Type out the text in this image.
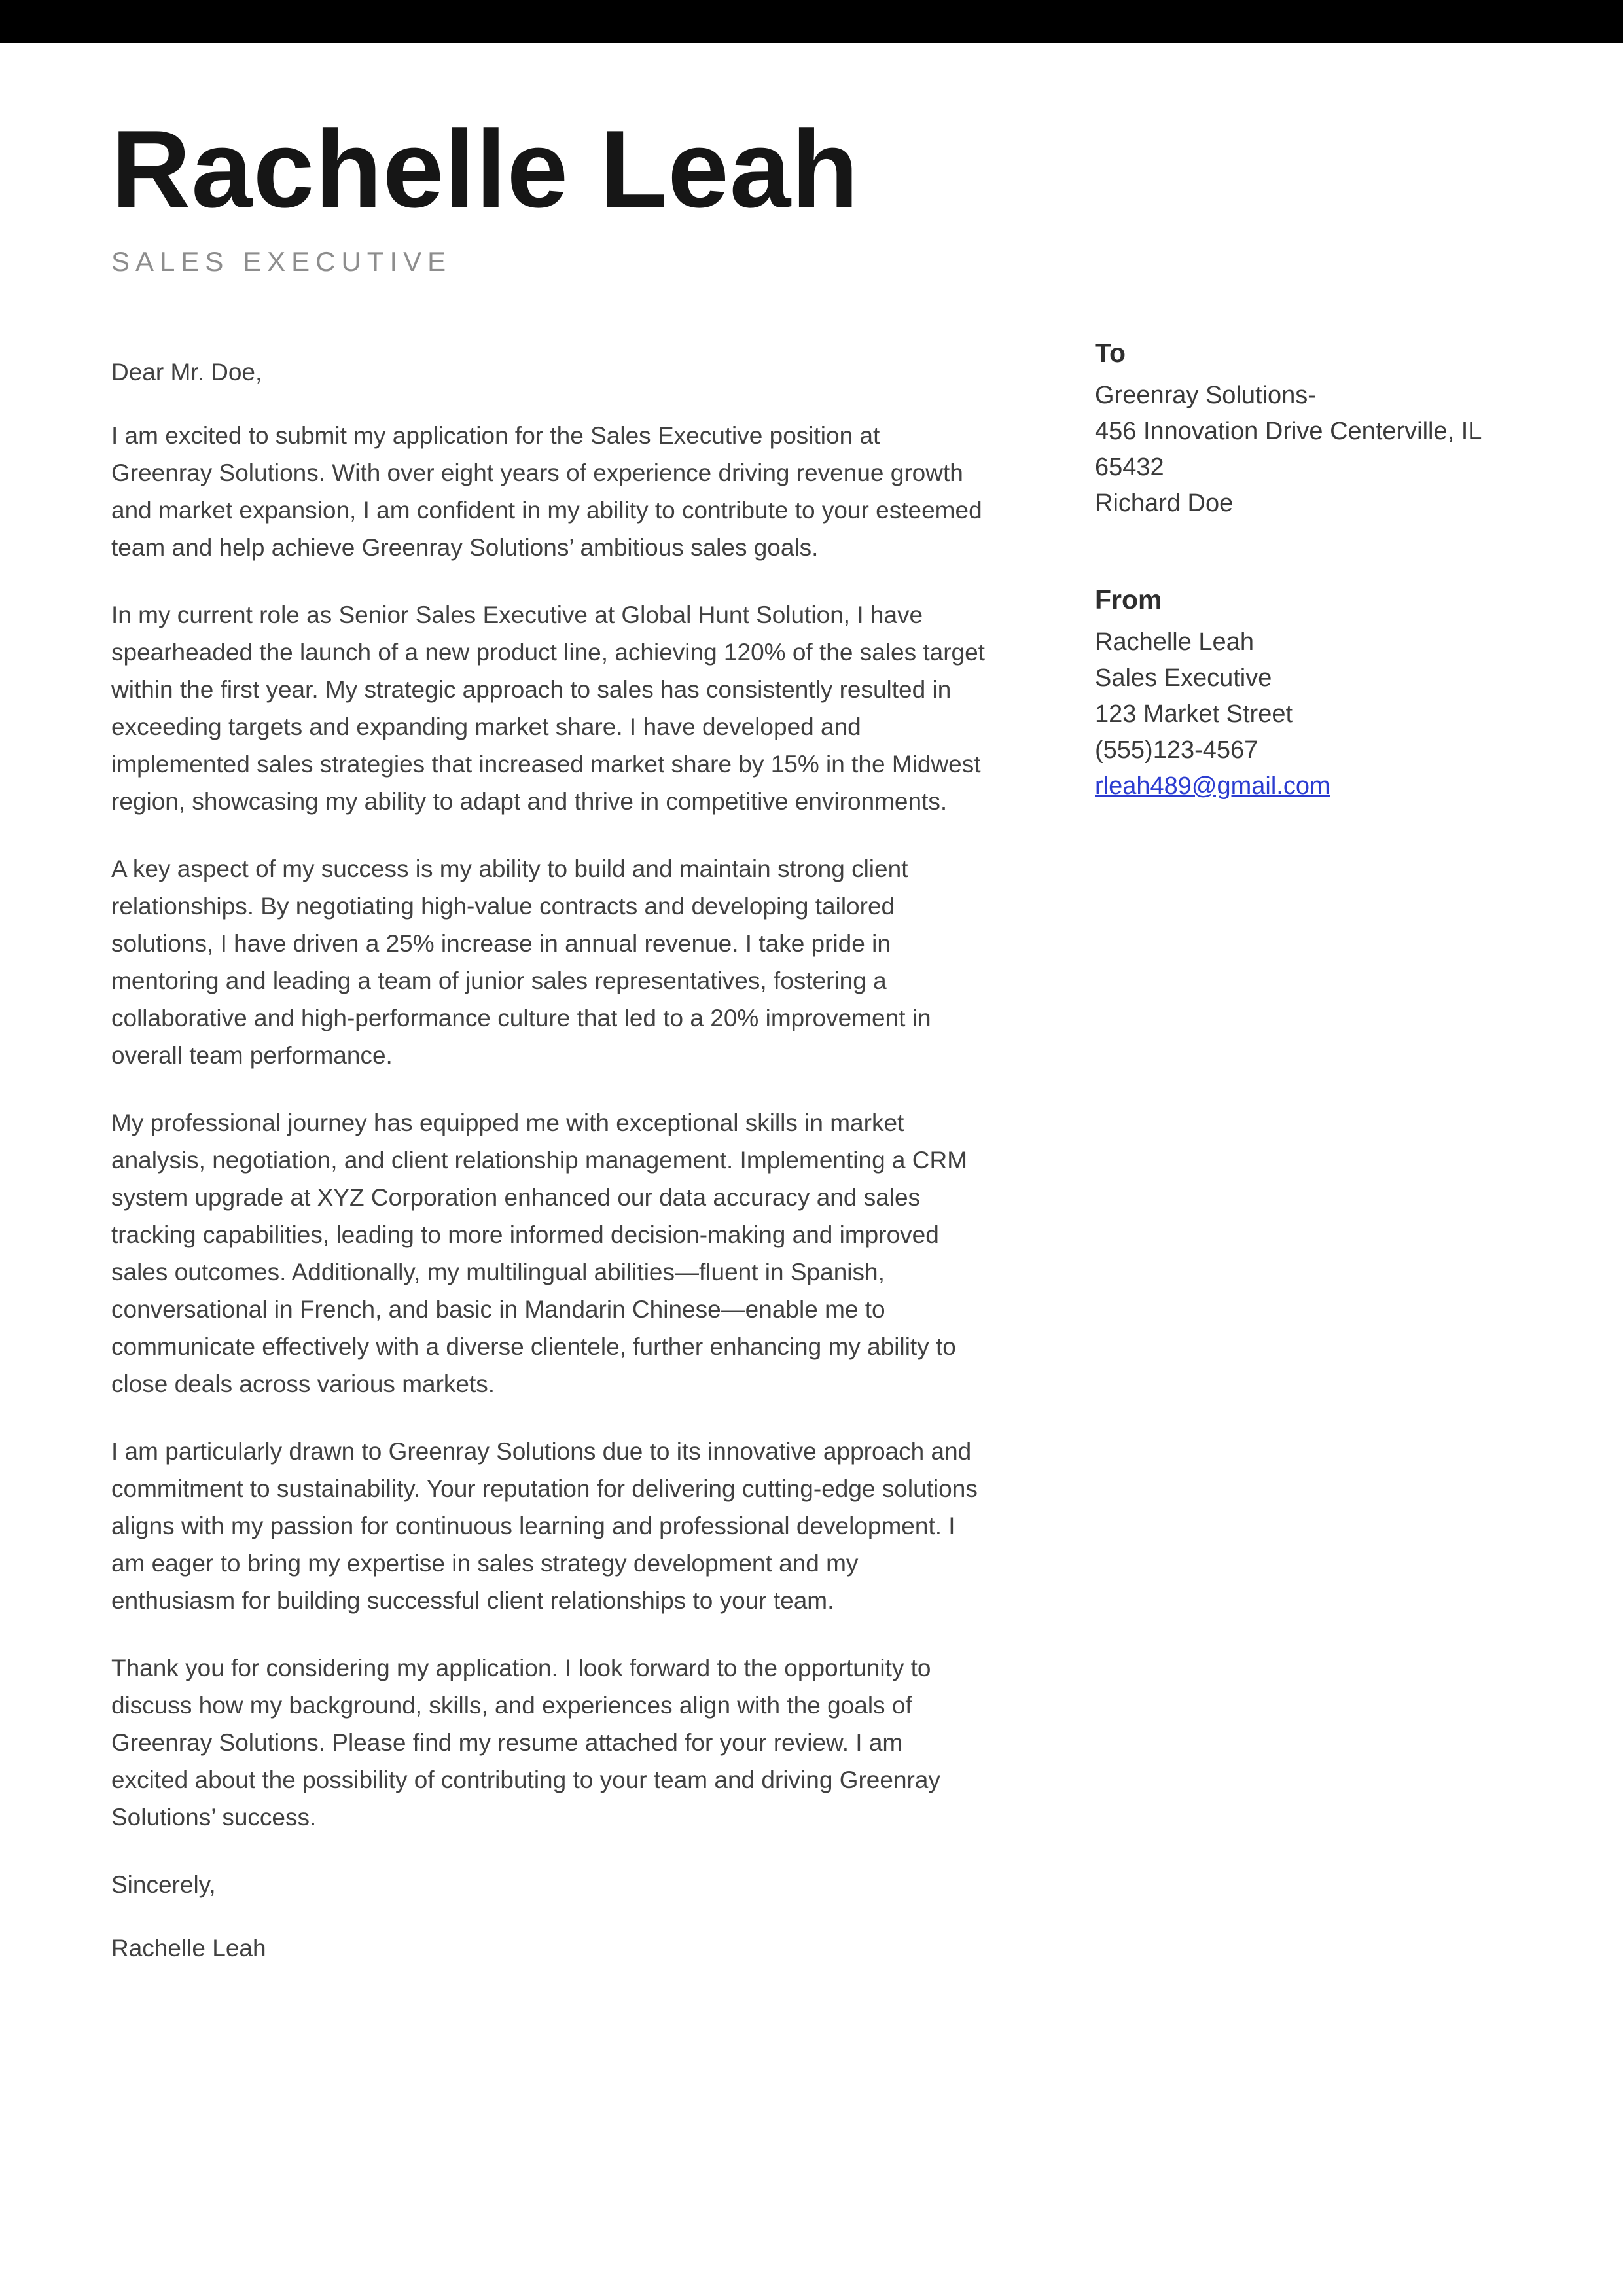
Rachelle Leah
SALES EXECUTIVE

Dear Mr. Doe,

I am excited to submit my application for the Sales Executive position at Greenray Solutions. With over eight years of experience driving revenue growth and market expansion, I am confident in my ability to contribute to your esteemed team and help achieve Greenray Solutions’ ambitious sales goals.

In my current role as Senior Sales Executive at Global Hunt Solution, I have spearheaded the launch of a new product line, achieving 120% of the sales target within the first year. My strategic approach to sales has consistently resulted in exceeding targets and expanding market share. I have developed and implemented sales strategies that increased market share by 15% in the Midwest region, showcasing my ability to adapt and thrive in competitive environments.

A key aspect of my success is my ability to build and maintain strong client relationships. By negotiating high-value contracts and developing tailored solutions, I have driven a 25% increase in annual revenue. I take pride in mentoring and leading a team of junior sales representatives, fostering a collaborative and high-performance culture that led to a 20% improvement in overall team performance.

My professional journey has equipped me with exceptional skills in market analysis, negotiation, and client relationship management. Implementing a CRM system upgrade at XYZ Corporation enhanced our data accuracy and sales tracking capabilities, leading to more informed decision-making and improved sales outcomes. Additionally, my multilingual abilities—fluent in Spanish, conversational in French, and basic in Mandarin Chinese—enable me to communicate effectively with a diverse clientele, further enhancing my ability to close deals across various markets.

I am particularly drawn to Greenray Solutions due to its innovative approach and commitment to sustainability. Your reputation for delivering cutting-edge solutions aligns with my passion for continuous learning and professional development. I am eager to bring my expertise in sales strategy development and my enthusiasm for building successful client relationships to your team.

Thank you for considering my application. I look forward to the opportunity to discuss how my background, skills, and experiences align with the goals of Greenray Solutions. Please find my resume attached for your review. I am excited about the possibility of contributing to your team and driving Greenray Solutions’ success.

Sincerely,

Rachelle Leah

To
Greenray Solutions-
456 Innovation Drive Centerville, IL 65432
Richard Doe
From
Rachelle Leah
Sales Executive
123 Market Street
(555)123-4567
rleah489@gmail.com
